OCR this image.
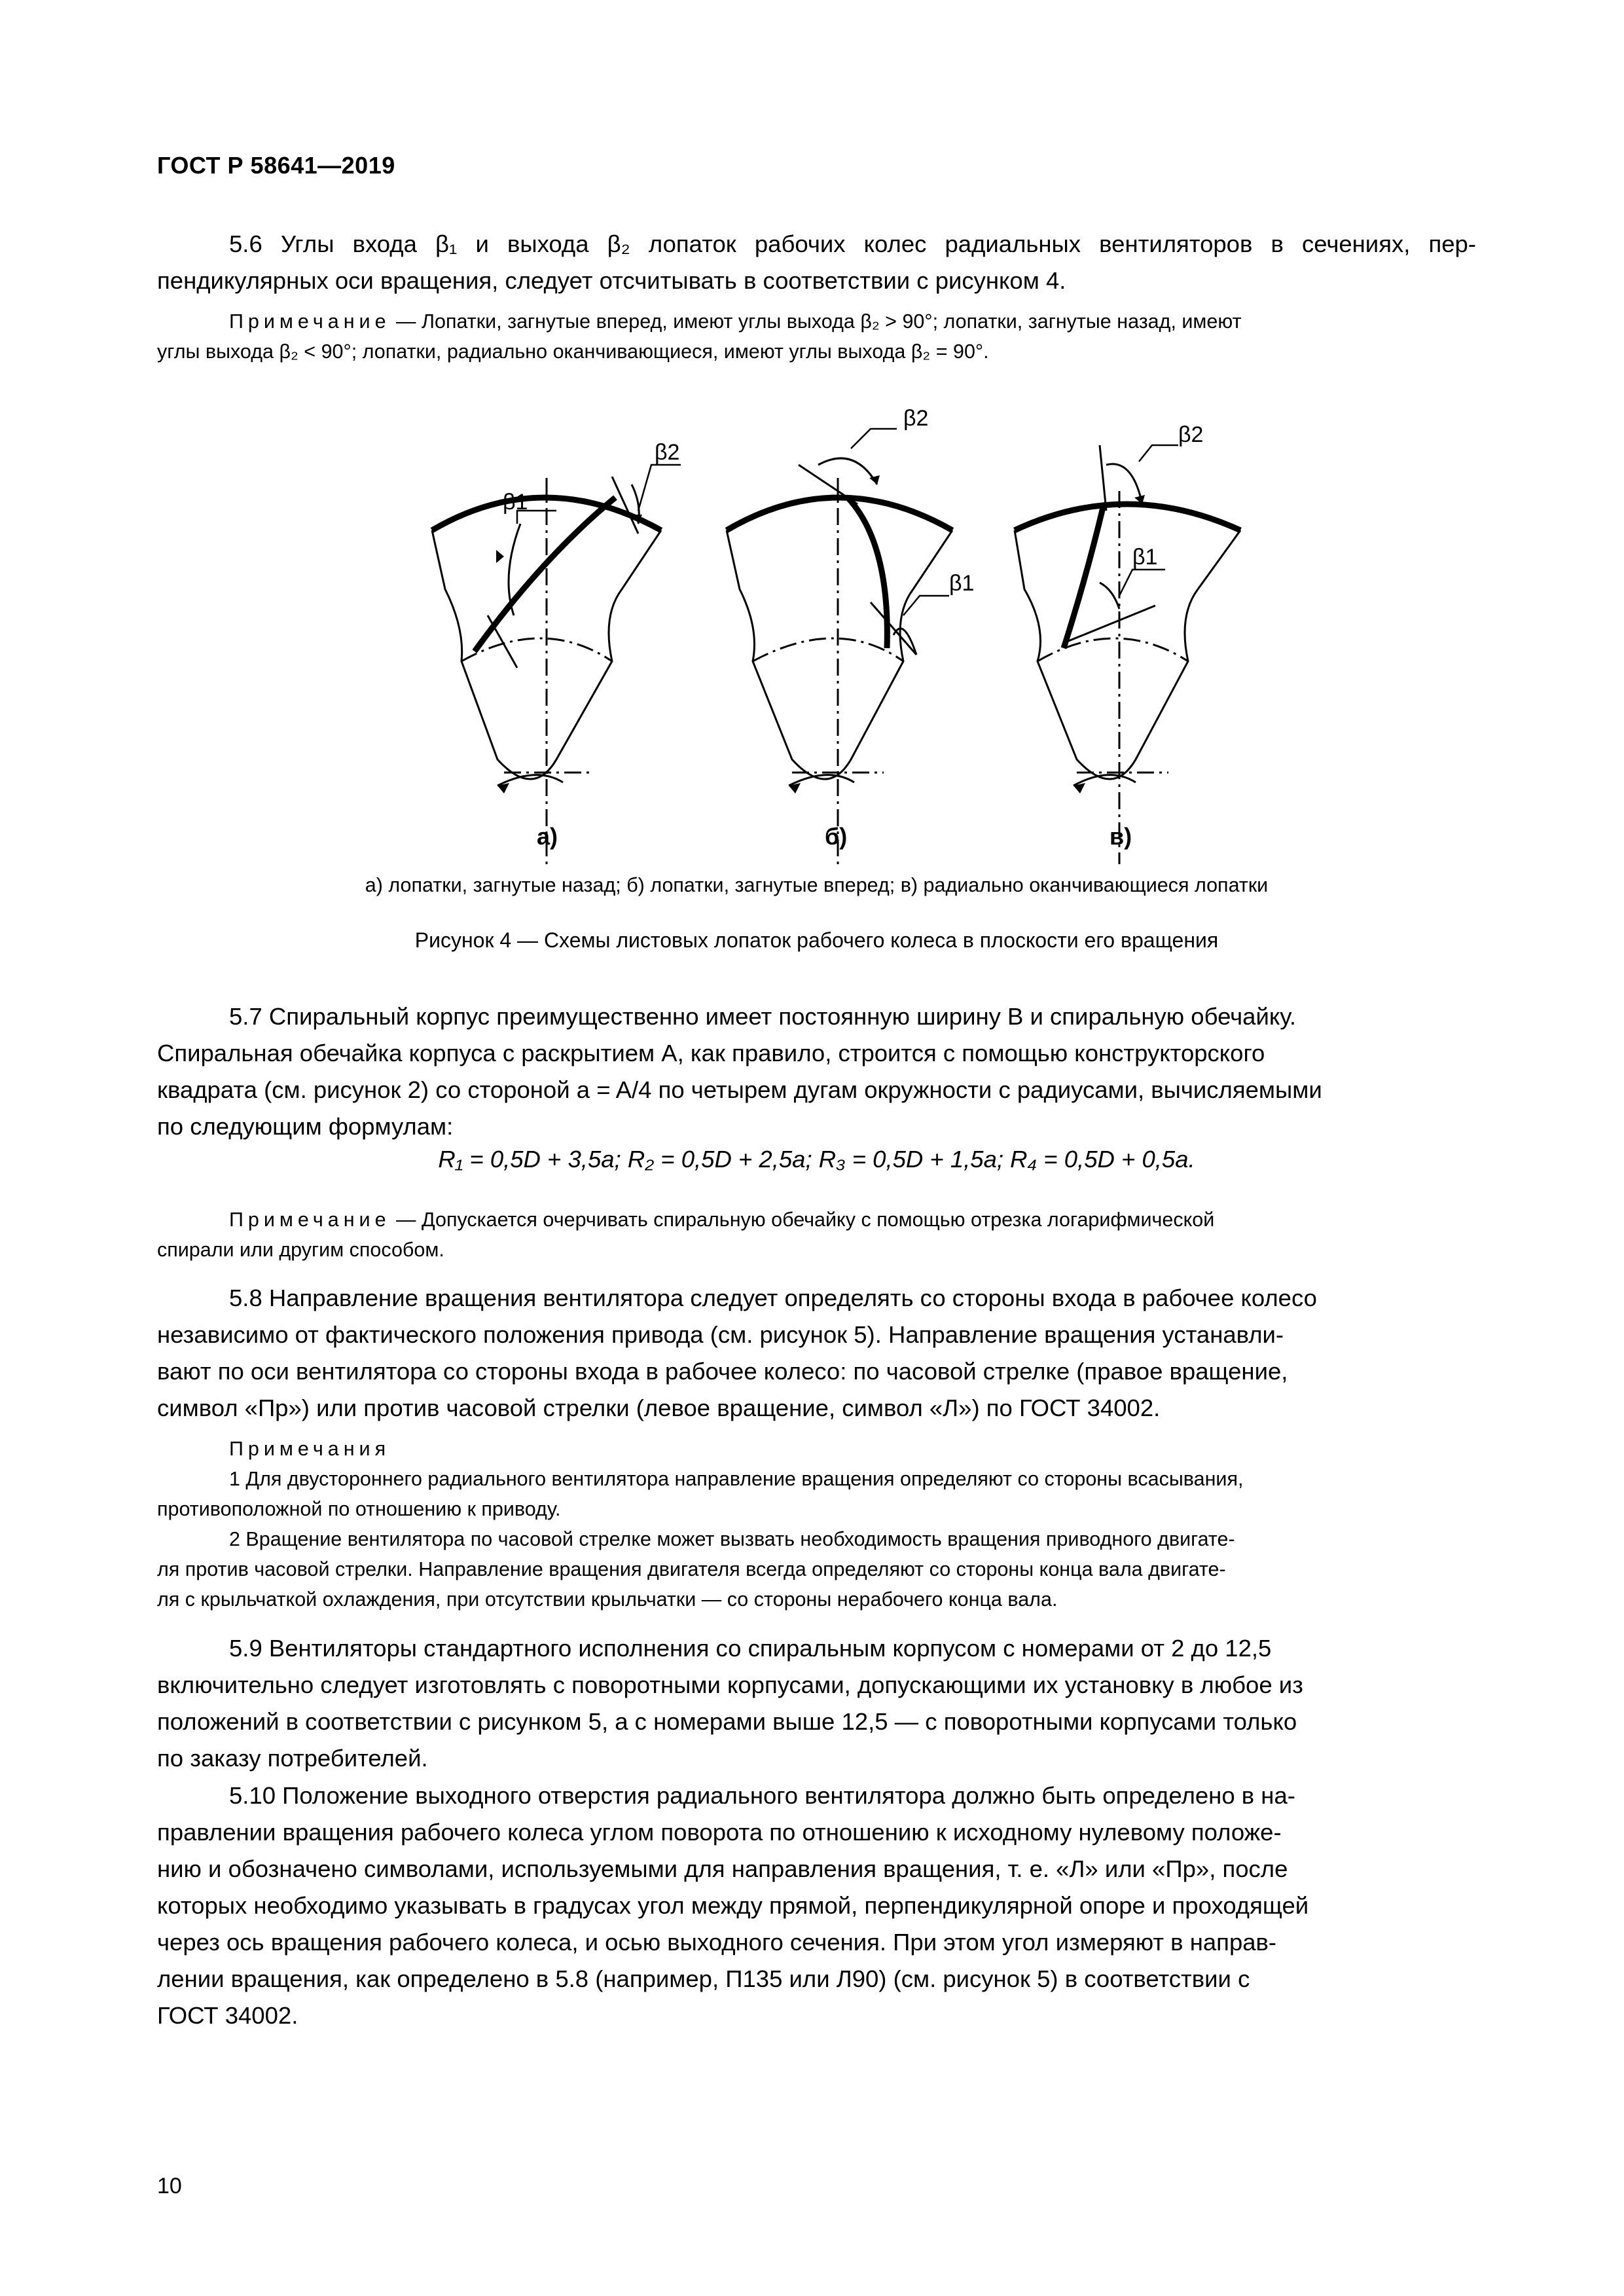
ГОСТ Р 58641—2019
5.6 Углы входа β₁ и выхода β₂ лопаток рабочих колес радиальных вентиляторов в сечениях, пер-
пендикулярных оси вращения, следует отсчитывать в соответствии с рисунком 4.
Примечание — Лопатки, загнутые вперед, имеют углы выхода β₂ > 90°; лопатки, загнутые назад, имеют
углы выхода β₂ < 90°; лопатки, радиально оканчивающиеся, имеют углы выхода β₂ = 90°.
β1
β2
β2
β1
β2
β1
а)	б)	в)
а) лопатки, загнутые назад; б) лопатки, загнутые вперед; в) радиально оканчивающиеся лопатки
Рисунок 4 — Схемы листовых лопаток рабочего колеса в плоскости его вращения
5.7 Спиральный корпус преимущественно имеет постоянную ширину В и спиральную обечайку.
Спиральная обечайка корпуса с раскрытием A, как правило, строится с помощью конструкторского
квадрата (см. рисунок 2) со стороной a = A/4 по четырем дугам окружности с радиусами, вычисляемыми
по следующим формулам:
R₁ = 0,5D + 3,5a; R₂ = 0,5D + 2,5a; R₃ = 0,5D + 1,5a; R₄ = 0,5D + 0,5a.
Примечание — Допускается очерчивать спиральную обечайку с помощью отрезка логарифмической
спирали или другим способом.
5.8 Направление вращения вентилятора следует определять со стороны входа в рабочее колесо
независимо от фактического положения привода (см. рисунок 5). Направление вращения устанавли-
вают по оси вентилятора со стороны входа в рабочее колесо: по часовой стрелке (правое вращение,
символ «Пр») или против часовой стрелки (левое вращение, символ «Л») по ГОСТ 34002.
Примечания
1 Для двустороннего радиального вентилятора направление вращения определяют со стороны всасывания,
противоположной по отношению к приводу.
2 Вращение вентилятора по часовой стрелке может вызвать необходимость вращения приводного двигате-
ля против часовой стрелки. Направление вращения двигателя всегда определяют со стороны конца вала двигате-
ля с крыльчаткой охлаждения, при отсутствии крыльчатки — со стороны нерабочего конца вала.
5.9 Вентиляторы стандартного исполнения со спиральным корпусом с номерами от 2 до 12,5
включительно следует изготовлять с поворотными корпусами, допускающими их установку в любое из
положений в соответствии с рисунком 5, а с номерами выше 12,5 — с поворотными корпусами только
по заказу потребителей.
5.10 Положение выходного отверстия радиального вентилятора должно быть определено в на-
правлении вращения рабочего колеса углом поворота по отношению к исходному нулевому положе-
нию и обозначено символами, используемыми для направления вращения, т. е. «Л» или «Пр», после
которых необходимо указывать в градусах угол между прямой, перпендикулярной опоре и проходящей
через ось вращения рабочего колеса, и осью выходного сечения. При этом угол измеряют в направ-
лении вращения, как определено в 5.8 (например, П135 или Л90) (см. рисунок 5) в соответствии с
ГОСТ 34002.
10
